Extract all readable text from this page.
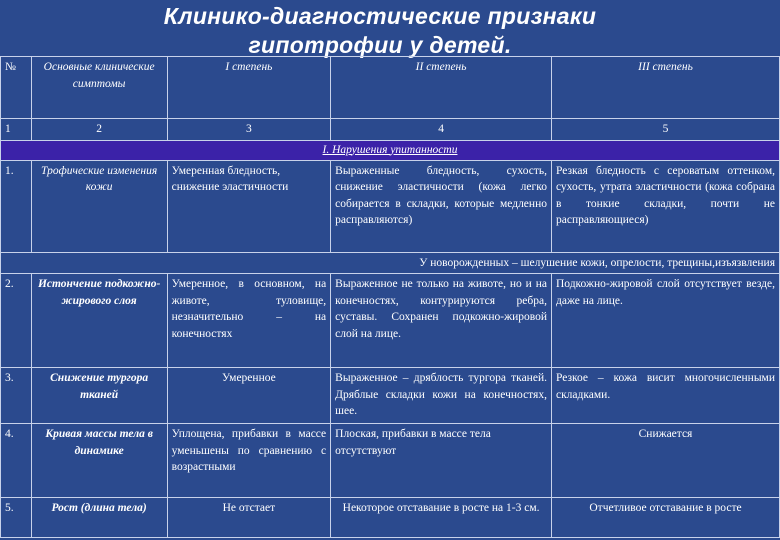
Клинико-диагностические признаки
гипотрофии у детей.
№	Основные клинические симптомы	I степень	II степень	III степень
1	2	3	4	5
I. Нарушения упитанности				
1.	Трофические изменения кожи	Умеренная бледность, снижение эластичности	Выраженные бледность, сухость, снижение эластичности (кожа легко собирается в складки, которые медленно расправляются)	Резкая бледность с сероватым оттенком, сухость, утрата эластичности (кожа собрана в тонкие складки, почти не расправляющиеся)
У новорожденных – шелушение кожи, опрелости, трещины,изъязвления				
2.	Истончение подкожно-жирового слоя	Умеренное, в основном, на животе, туловище, незначительно – на конечностях	Выраженное не только на животе, но и на конечностях, контурируются ребра, суставы. Сохранен подкожно-жировой слой на лице.	Подкожно-жировой слой отсутствует везде, даже на лице.
3.	Снижение тургора тканей	Умеренное	Выраженное – дряблость тургора тканей. Дряблые складки кожи на конечностях, шее.	Резкое – кожа висит многочисленными складками.
4.	Кривая массы тела в динамике	Уплощена, прибавки в массе уменьшены по сравнению с возрастными	Плоская, прибавки в массе тела отсутствуют	Снижается
5.	Рост (длина тела)	Не отстает	Некоторое отставание в росте на 1-3 см.	Отчетливое отставание в росте
